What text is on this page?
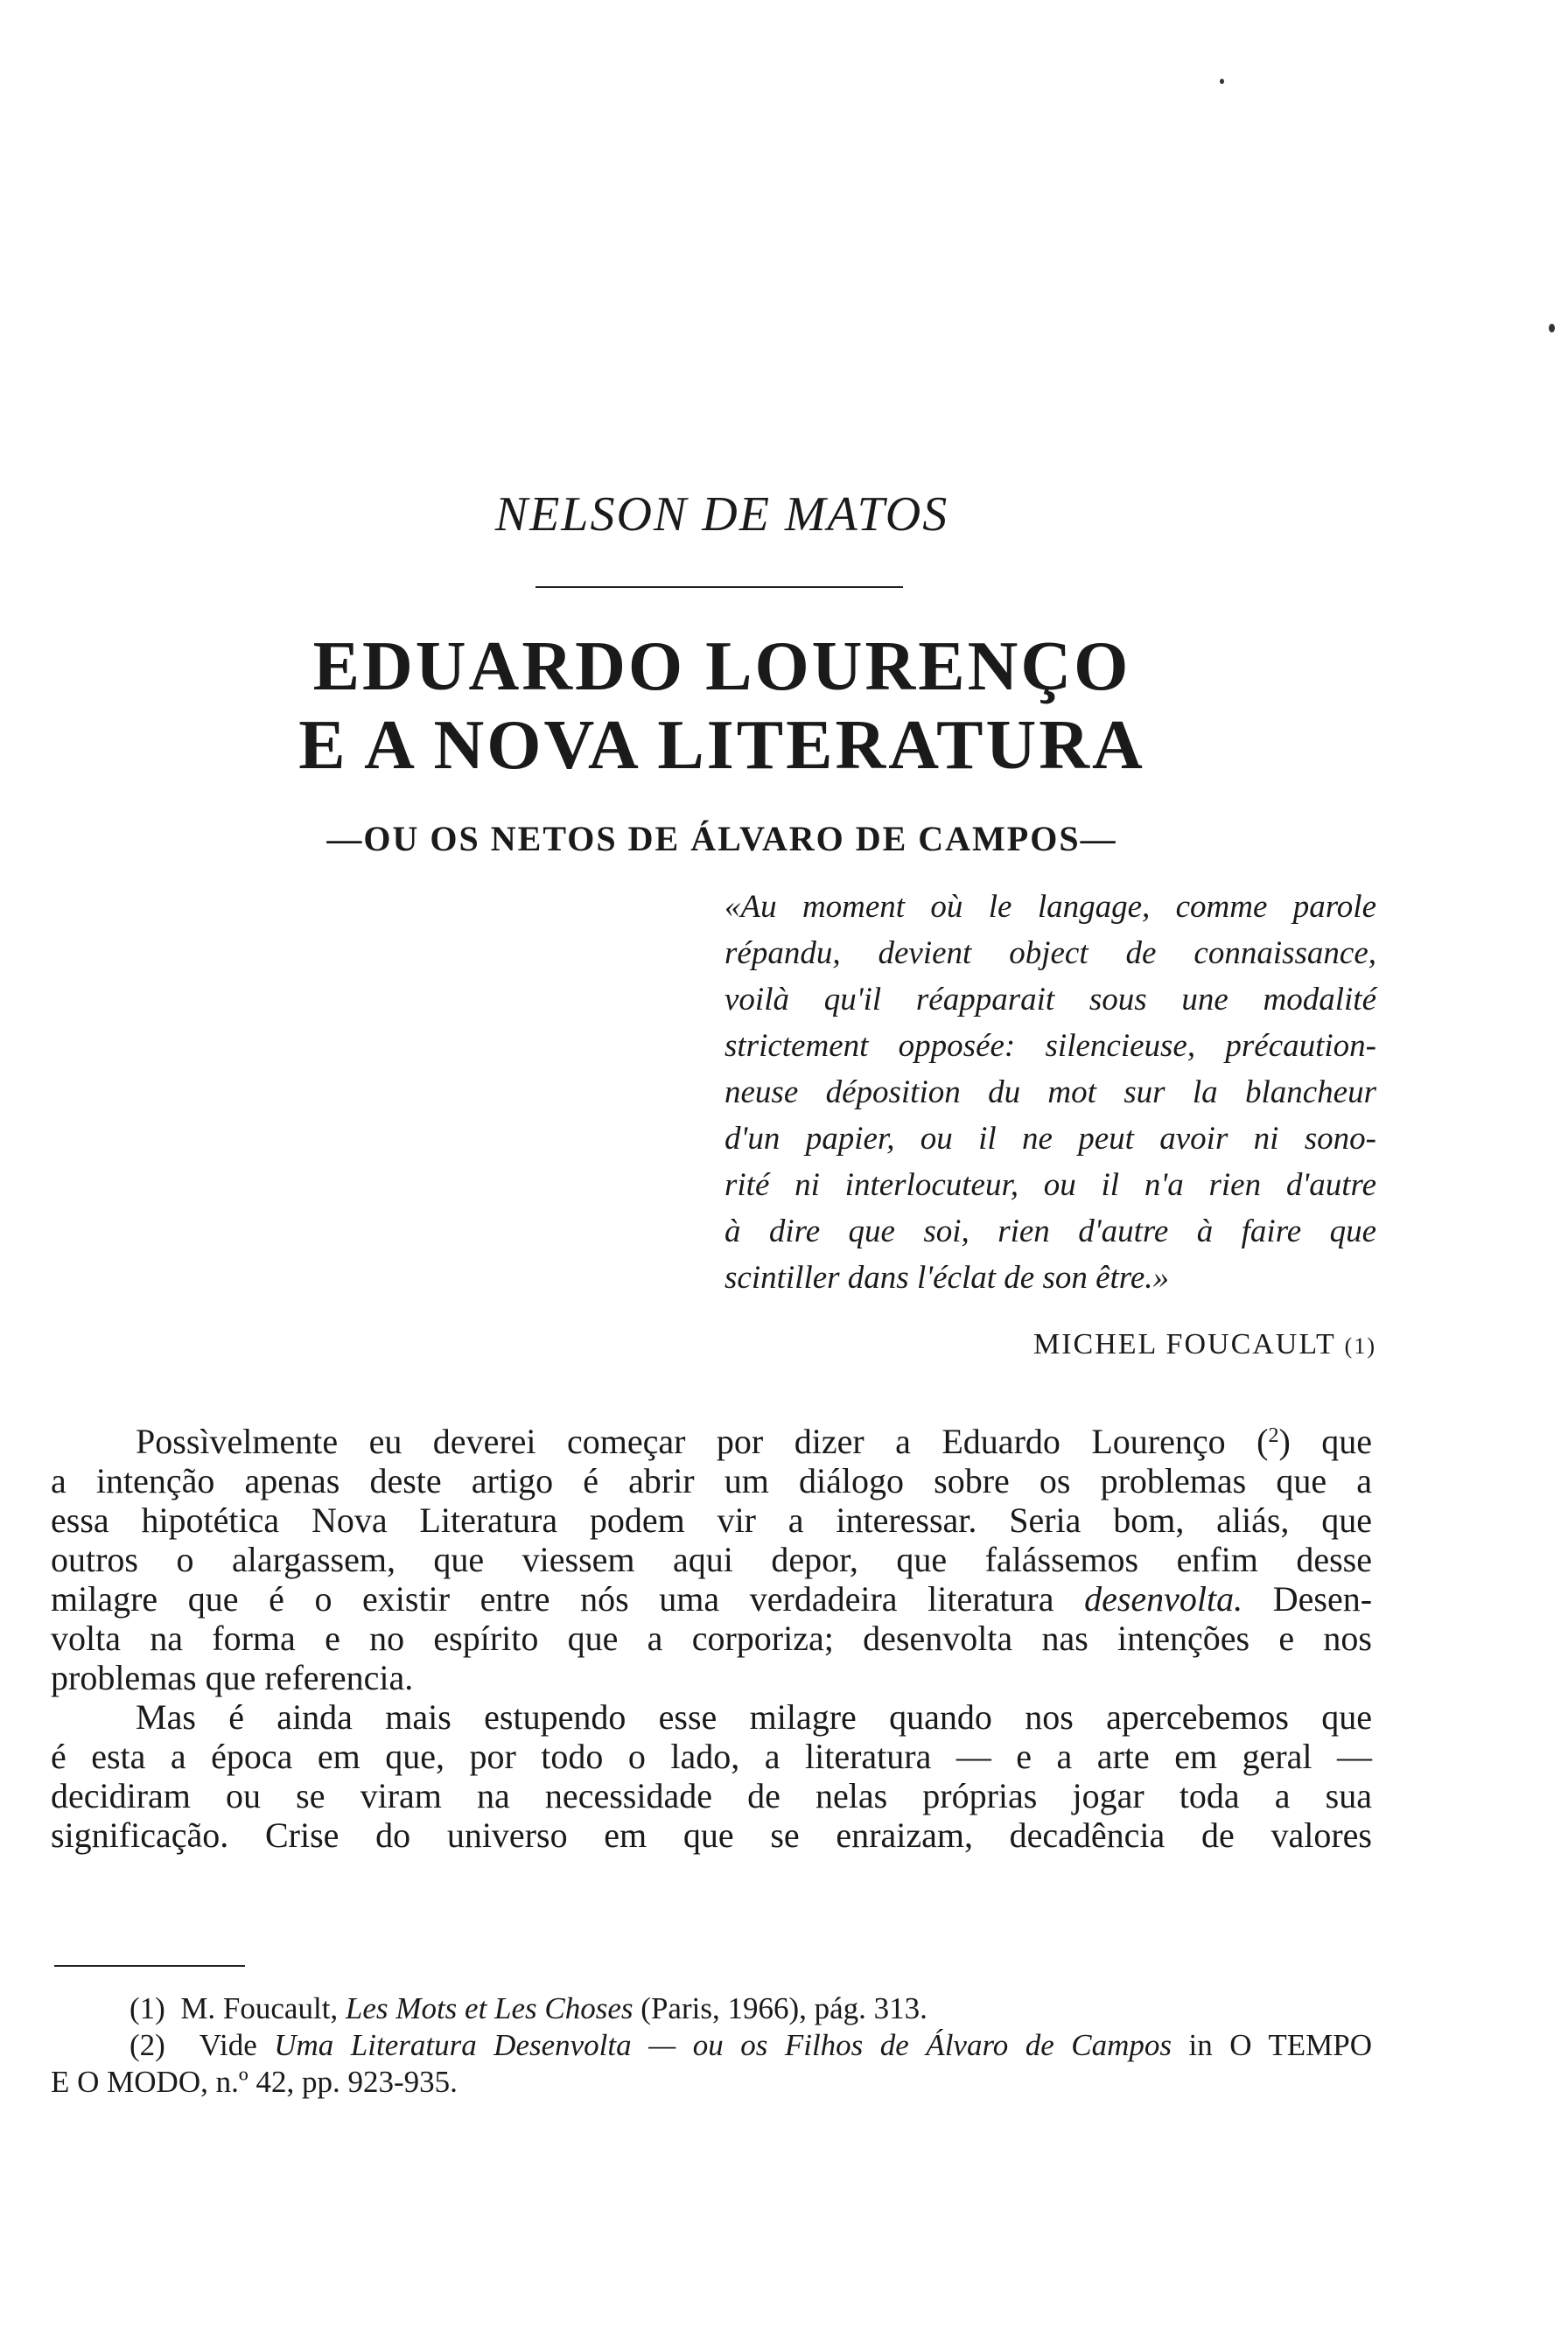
NELSON DE MATOS
EDUARDO LOURENÇO
E A NOVA LITERATURA
—OU OS NETOS DE ÁLVARO DE CAMPOS—
«Au moment où le langage, comme parole
répandu, devient object de connaissance,
voilà qu'il réapparait sous une modalité
strictement opposée: silencieuse, précaution-
neuse déposition du mot sur la blancheur
d'un papier, ou il ne peut avoir ni sono-
rité ni interlocuteur, ou il n'a rien d'autre
à dire que soi, rien d'autre à faire que
scintiller dans l'éclat de son être.»
MICHEL FOUCAULT (1)
Possìvelmente eu deverei começar por dizer a Eduardo Lourenço ($^2$) que
a intenção apenas deste artigo é abrir um diálogo sobre os problemas que a
essa hipotética Nova Literatura podem vir a interessar. Seria bom, aliás, que
outros o alargassem, que viessem aqui depor, que falássemos enfim desse
milagre que é o existir entre nós uma verdadeira literatura desenvolta. Desen-
volta na forma e no espírito que a corporiza; desenvolta nas intenções e nos
problemas que referencia.
Mas é ainda mais estupendo esse milagre quando nos apercebemos que
é esta a época em que, por todo o lado, a literatura — e a arte em geral —
decidiram ou se viram na necessidade de nelas próprias jogar toda a sua
significação. Crise do universo em que se enraizam, decadência de valores
(1) M. Foucault, Les Mots et Les Choses (Paris, 1966), pág. 313.
(2) Vide Uma Literatura Desenvolta — ou os Filhos de Álvaro de Campos in O TEMPO
E O MODO, n.º 42, pp. 923-935.
